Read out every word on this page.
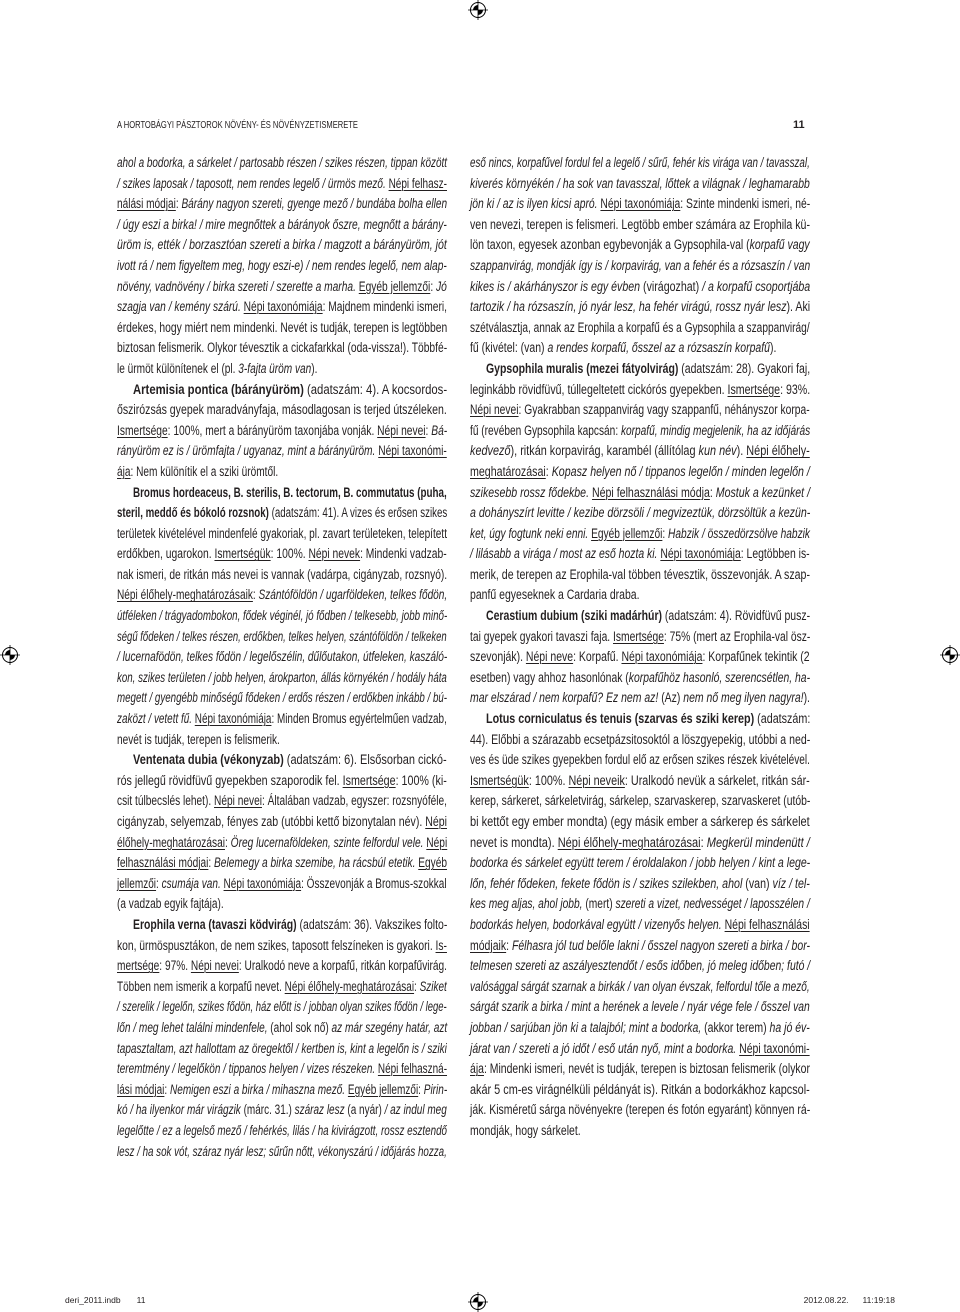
A HORTOBÁGYI PÁSZTOROK NÖVÉNY- ÉS NÖVÉNYZETISMERETE	11
ahol a bodorka, a sárkelet / partosabb részen / szikes részen, tippan között
/ szikes laposak / taposott, nem rendes legelő / ürmös mező. Népi felhasz-
nálási módjai: Bárány nagyon szereti, gyenge mező / bundába bolha ellen
/ úgy eszi a birka! / mire megnőttek a bárányok őszre, megnőtt a bárány-
üröm is, ették / borzasztóan szereti a birka / magzott a bárányüröm, jót
ivott rá / nem figyeltem meg, hogy eszi-e) / nem rendes legelő, nem alap-
növény, vadnövény / birka szereti / szerette a marha. Egyéb jellemzői: Jó
szagja van / kemény szárú. Népi taxonómiája: Majdnem mindenki ismeri,
érdekes, hogy miért nem mindenki. Nevét is tudják, terepen is legtöbben
biztosan felismerik. Olykor tévesztik a cickafarkkal (oda-vissza!). Többfé-
le ürmöt különítenek el (pl. 3-fajta üröm van).
Artemisia pontica (bárányüröm) (adatszám: 4). A kocsordos-
őszirózsás gyepek maradványfaja, másodlagosan is terjed útszéleken.
Ismertsége: 100%, mert a bárányüröm taxonjába vonják. Népi nevei: Bá-
rányüröm ez is / ürömfajta / ugyanaz, mint a bárányüröm. Népi taxonómi-
ája: Nem különítik el a sziki ürömtől.
Bromus hordeaceus, B. sterilis, B. tectorum, B. commutatus (puha,
steril, meddő és bókoló rozsnok) (adatszám: 41). A vizes és erősen szikes
területek kivételével mindenfelé gyakoriak, pl. zavart területeken, telepített
erdőkben, ugarokon. Ismertségük: 100%. Népi nevek: Mindenki vadzab-
nak ismeri, de ritkán más nevei is vannak (vadárpa, cigányzab, rozsnyó).
Népi élőhely-meghatározásaik: Szántóföldön / ugarföldeken, telkes fődön,
útféleken / trágyadombokon, fődek véginél, jó fődben / telkesebb, jobb minő-
ségű fődeken / telkes részen, erdőkben, telkes helyen, szántóföldön / telkeken
/ lucernafödön, telkes fődön / legelőszélin, dűlőutakon, útfeleken, kaszáló-
kon, szikes területen / jobb helyen, árokparton, állás környékén / hodály háta
megett / gyengébb minőségű fődeken / erdős részen / erdőkben inkább / bú-
zaközt / vetett fű. Népi taxonómiája: Minden Bromus egyértelműen vadzab,
nevét is tudják, terepen is felismerik.
Ventenata dubia (vékonyzab) (adatszám: 6). Elsősorban cickó-
rós jellegű rövidfüvű gyepekben szaporodik fel. Ismertsége: 100% (ki-
csit túlbecslés lehet). Népi nevei: Általában vadzab, egyszer: rozsnyóféle,
cigányzab, selyemzab, fényes zab (utóbbi kettő bizonytalan név). Népi
élőhely-meghatározásai: Öreg lucernaföldeken, szinte felfordul vele. Népi
felhasználási módjai: Belemegy a birka szemibe, ha rácsbúl etetik. Egyéb
jellemzői: csumája van. Népi taxonómiája: Összevonják a Bromus-szokkal
(a vadzab egyik fajtája).
Erophila verna (tavaszi ködvirág) (adatszám: 36). Vakszikes folto-
kon, ürmöspusztákon, de nem szikes, taposott felszíneken is gyakori. Is-
mertsége: 97%. Népi nevei: Uralkodó neve a korpafű, ritkán korpafűvirág.
Többen nem ismerik a korpafű nevet. Népi élőhely-meghatározásai: Sziket
/ szerelik / legelőn, szikes fődön, ház előtt is / jobban olyan szikes fődön / lege-
lőn / meg lehet találni mindenfele, (ahol sok nő) az már szegény határ, azt
tapasztaltam, azt hallottam az öregektől / kertben is, kint a legelőn is / sziki
teremtmény / legelőkön / tippanos helyen / vizes részeken. Népi felhaszná-
lási módjai: Nemigen eszi a birka / mihaszna mező. Egyéb jellemzői: Pirin-
kó / ha ilyenkor már virágzik (márc. 31.) száraz lesz (a nyár) / az indul meg
legelőtte / ez a legelső mező / fehérkés, lilás / ha kivirágzott, rossz esztendő
lesz / ha sok vót, száraz nyár lesz; sűrűn nőtt, vékonyszárú / időjárás hozza,
eső nincs, korpafűvel fordul fel a legelő / sűrű, fehér kis virága van / tavasszal,
kiverés környékén / ha sok van tavasszal, lőttek a világnak / leghamarabb
jön ki / az is ilyen kicsi apró. Népi taxonómiája: Szinte mindenki ismeri, né-
ven nevezi, terepen is felismeri. Legtöbb ember számára az Erophila kü-
lön taxon, egyesek azonban egybevonják a Gypsophila-val (korpafű vagy
szappanvirág, mondják így is / korpavirág, van a fehér és a rózsaszín / van
kikes is / akárhányszor is egy évben (virágozhat) / a korpafű csoportjába
tartozik / ha rózsaszín, jó nyár lesz, ha fehér virágú, rossz nyár lesz). Aki
szétválasztja, annak az Erophila a korpafű és a Gypsophila a szappanvirág/
fű (kivétel: (van) a rendes korpafű, ősszel az a rózsaszín korpafű).
Gypsophila muralis (mezei fátyolvirág) (adatszám: 28). Gyakori faj,
leginkább rövidfüvű, túllegeltetett cickórós gyepekben. Ismertsége: 93%.
Népi nevei: Gyakrabban szappanvirág vagy szappanfű, néhányszor korpa-
fű (revében Gypsophila kapcsán: korpafű, mindig megjelenik, ha az időjárás
kedvező), ritkán korpavirág, karambél (állítólag kun név). Népi élőhely-
meghatározásai: Kopasz helyen nő / tippanos legelőn / minden legelőn /
szikesebb rossz fődekbe. Népi felhasználási módja: Mostuk a kezünket /
a dohányszírt levitte / kezibe dörzsöli / megvizeztük, dörzsöltük a kezün-
ket, úgy fogtunk neki enni. Egyéb jellemzői: Habzik / összedörzsölve habzik
/ lilásabb a virága / most az eső hozta ki. Népi taxonómiája: Legtöbben is-
merik, de terepen az Erophila-val többen tévesztik, összevonják. A szap-
panfű egyeseknek a Cardaria draba.
Cerastium dubium (sziki madárhúr) (adatszám: 4). Rövidfüvű pusz-
tai gyepek gyakori tavaszi faja. Ismertsége: 75% (mert az Erophila-val ösz-
szevonják). Népi neve: Korpafű. Népi taxonómiája: Korpafűnek tekintik (2
esetben) vagy ahhoz hasonlónak (korpafűhöz hasonló, szerencsétlen, ha-
mar elszárad / nem korpafű? Ez nem az! (Az) nem nő meg ilyen nagyra!).
Lotus corniculatus és tenuis (szarvas és sziki kerep) (adatszám:
44). Előbbi a szárazabb ecsetpázsitosoktól a löszgyepekig, utóbbi a ned-
ves és üde szikes gyepekben fordul elő az erősen szikes részek kivételével.
Ismertségük: 100%. Népi neveik: Uralkodó nevük a sárkelet, ritkán sár-
kerep, sárkeret, sárkeletvirág, sárkelep, szarvaskerep, szarvaskeret (utób-
bi kettőt egy ember mondta) (egy másik ember a sárkerep és sárkelet
nevet is mondta). Népi élőhely-meghatározásai: Megkerül mindenütt /
bodorka és sárkelet együtt terem / éroldalakon / jobb helyen / kint a lege-
lőn, fehér fődeken, fekete fődön is / szikes szilekben, ahol (van) víz / tel-
kes meg aljas, ahol jobb, (mert) szereti a vizet, nedvességet / laposszélen /
bodorkás helyen, bodorkával együtt / vizenyős helyen. Népi felhasználási
módjaik: Félhasra jól tud belőle lakni / ősszel nagyon szereti a birka / bor-
telmesen szereti az aszályesztendőt / esős időben, jó meleg időben; futó /
valósággal sárgát szarnak a birkák / van olyan évszak, felfordul tőle a mező,
sárgát szarik a birka / mint a herének a levele / nyár vége fele / ősszel van
jobban / sarjúban jön ki a talajból; mint a bodorka, (akkor terem) ha jó év-
járat van / szereti a jó időt / eső után nyő, mint a bodorka. Népi taxonómi-
ája: Mindenki ismeri, nevét is tudják, terepen is biztosan felismerik (olykor
akár 5 cm-es virágnélküli példányát is). Ritkán a bodorkákhoz kapcsol-
ják. Kisméretű sárga növényekre (terepen és fotón egyaránt) könnyen rá-
mondják, hogy sárkelet.
deri_2011.indb 11	2012.08.22. 11:19:18
